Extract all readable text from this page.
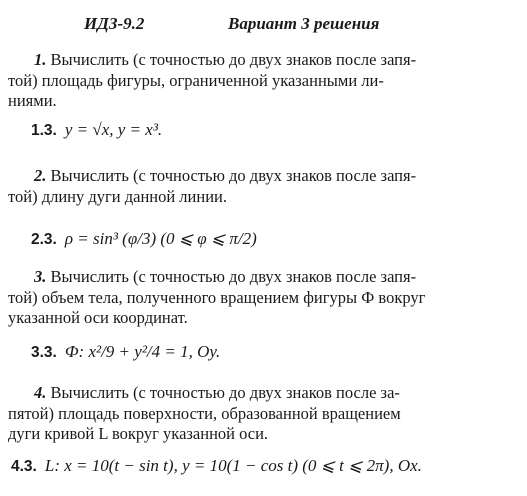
ИДЗ-9.2	Вариант 3 решения
1. Вычислить (с точностью до двух знаков после запя-
той) площадь фигуры, ограниченной указанными ли-
ниями.
1.3. y = √x, y = x³.
2. Вычислить (с точностью до двух знаков после запя-
той) длину дуги данной линии.
2.3. ρ = sin³ (φ/3) (0 ⩽ φ ⩽ π/2)
3. Вычислить (с точностью до двух знаков после запя-
той) объем тела, полученного вращением фигуры Ф вокруг
указанной оси координат.
3.3. Ф: x²/9 + y²/4 = 1, Oy.
4. Вычислить (с точностью до двух знаков после за-
пятой) площадь поверхности, образованной вращением
дуги кривой L вокруг указанной оси.
4.3. L: x = 10(t − sin t), y = 10(1 − cos t) (0 ⩽ t ⩽ 2π), Ox.
